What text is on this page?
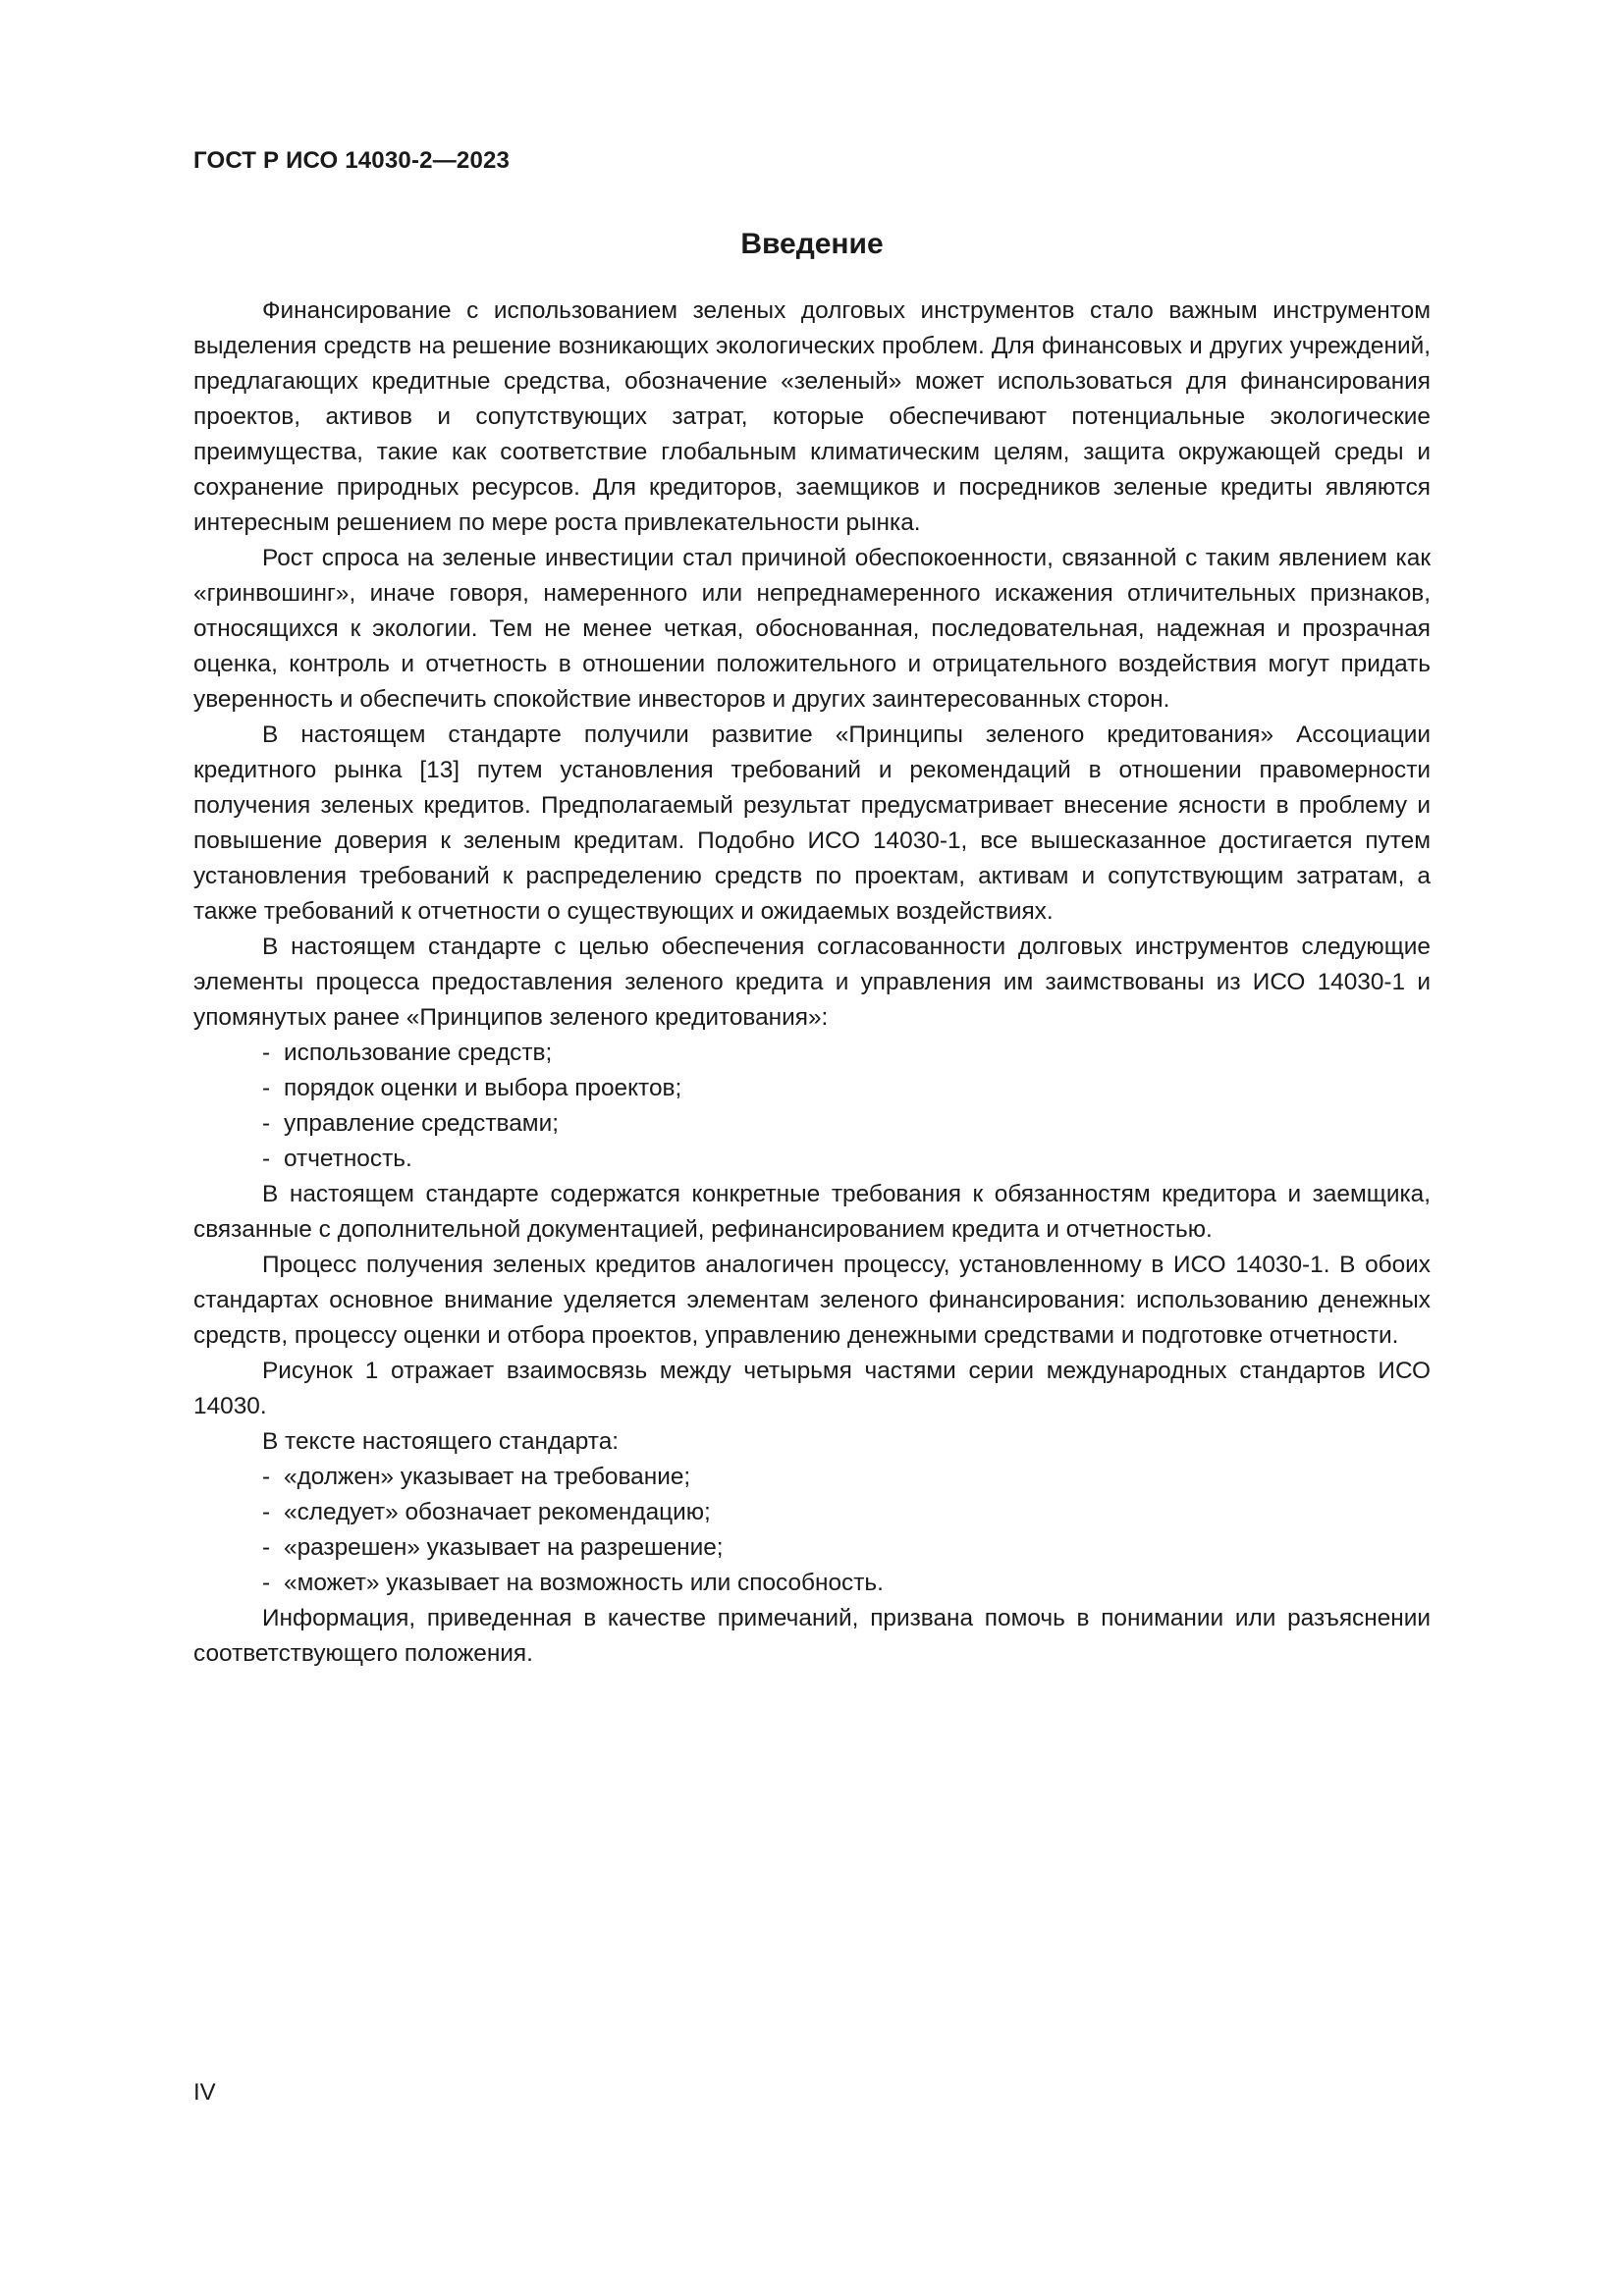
ГОСТ Р ИСО 14030-2—2023
Введение

Финансирование с использованием зеленых долговых инструментов стало важным инструментом выделения средств на решение возникающих экологических проблем. Для финансовых и других учреждений, предлагающих кредитные средства, обозначение «зеленый» может использоваться для финансирования проектов, активов и сопутствующих затрат, которые обеспечивают потенциальные экологические преимущества, такие как соответствие глобальным климатическим целям, защита окружающей среды и сохранение природных ресурсов. Для кредиторов, заемщиков и посредников зеленые кредиты являются интересным решением по мере роста привлекательности рынка.

Рост спроса на зеленые инвестиции стал причиной обеспокоенности, связанной с таким явлением как «гринвошинг», иначе говоря, намеренного или непреднамеренного искажения отличительных признаков, относящихся к экологии. Тем не менее четкая, обоснованная, последовательная, надежная и прозрачная оценка, контроль и отчетность в отношении положительного и отрицательного воздействия могут придать уверенность и обеспечить спокойствие инвесторов и других заинтересованных сторон.

В настоящем стандарте получили развитие «Принципы зеленого кредитования» Ассоциации кредитного рынка [13] путем установления требований и рекомендаций в отношении правомерности получения зеленых кредитов. Предполагаемый результат предусматривает внесение ясности в проблему и повышение доверия к зеленым кредитам. Подобно ИСО 14030-1, все вышесказанное достигается путем установления требований к распределению средств по проектам, активам и сопутствующим затратам, а также требований к отчетности о существующих и ожидаемых воздействиях.

В настоящем стандарте с целью обеспечения согласованности долговых инструментов следующие элементы процесса предоставления зеленого кредита и управления им заимствованы из ИСО 14030-1 и упомянутых ранее «Принципов зеленого кредитования»:

- использование средств;
- порядок оценки и выбора проектов;
- управление средствами;
- отчетность.

В настоящем стандарте содержатся конкретные требования к обязанностям кредитора и заемщика, связанные с дополнительной документацией, рефинансированием кредита и отчетностью.

Процесс получения зеленых кредитов аналогичен процессу, установленному в ИСО 14030-1. В обоих стандартах основное внимание уделяется элементам зеленого финансирования: использованию денежных средств, процессу оценки и отбора проектов, управлению денежными средствами и подготовке отчетности.

Рисунок 1 отражает взаимосвязь между четырьмя частями серии международных стандартов ИСО 14030.

В тексте настоящего стандарта:

- «должен» указывает на требование;
- «следует» обозначает рекомендацию;
- «разрешен» указывает на разрешение;
- «может» указывает на возможность или способность.

Информация, приведенная в качестве примечаний, призвана помочь в понимании или разъяснении соответствующего положения.

IV
